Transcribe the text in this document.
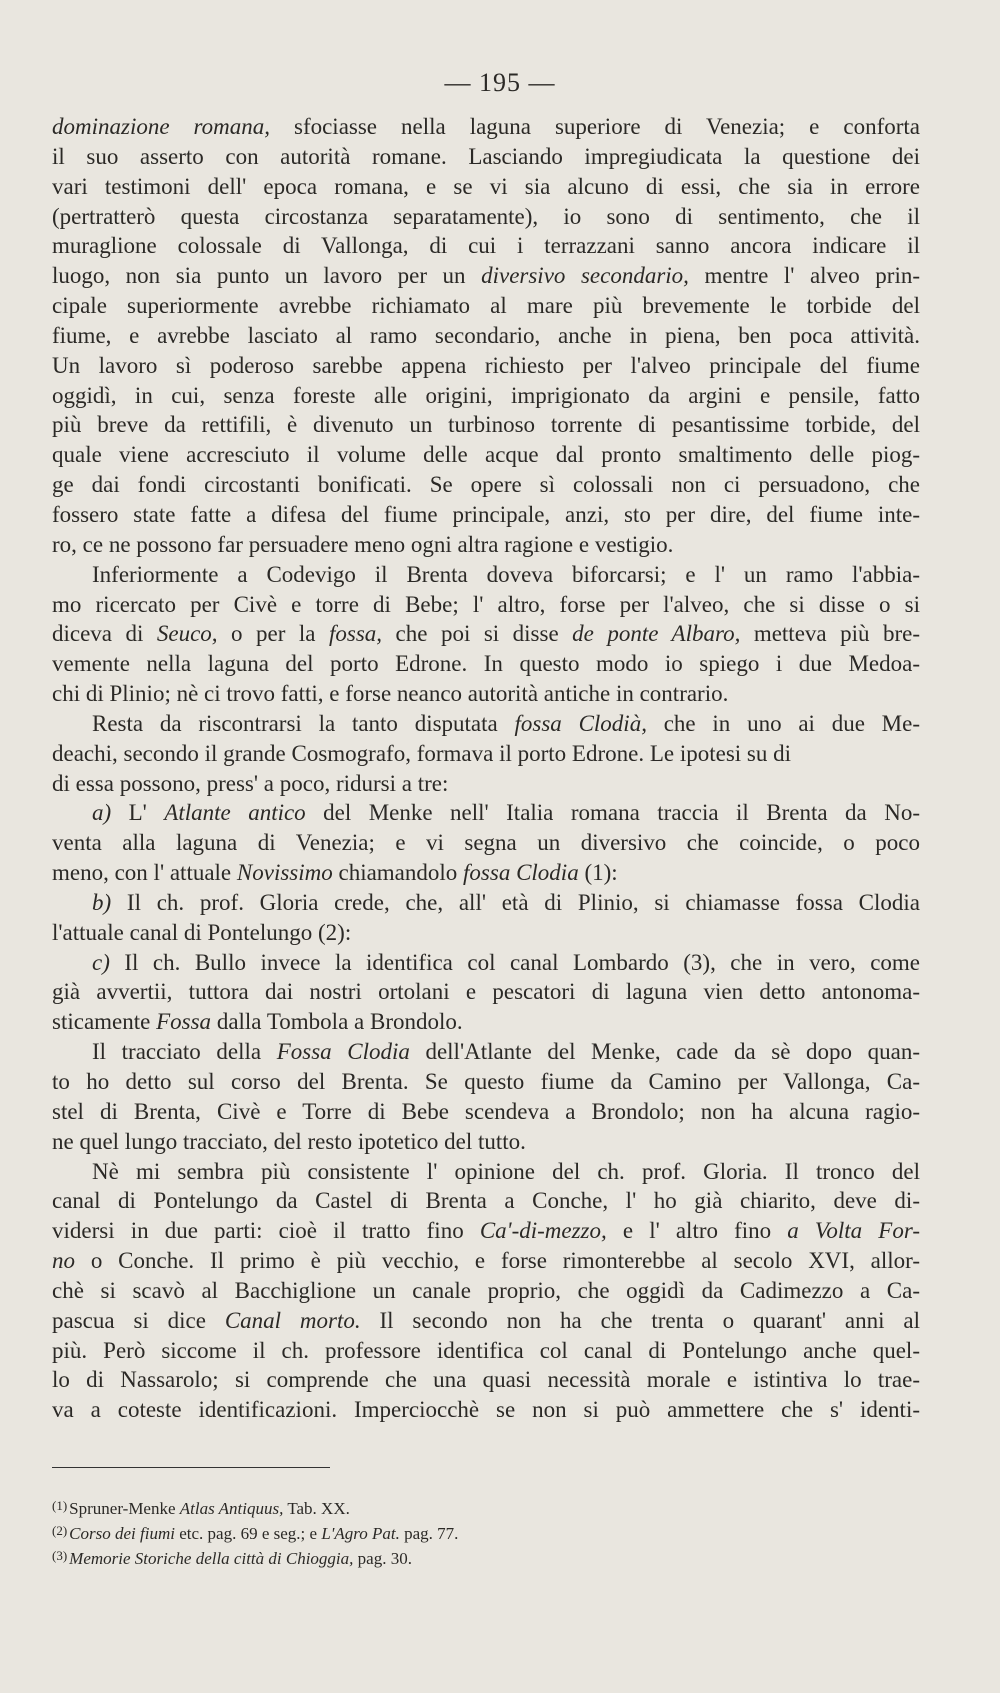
— 195 —
dominazione romana, sfociasse nella laguna superiore di Venezia; e conforta
il suo asserto con autorità romane. Lasciando impregiudicata la questione dei
vari testimoni dell' epoca romana, e se vi sia alcuno di essi, che sia in errore
(pertratterò questa circostanza separatamente), io sono di sentimento, che il
muraglione colossale di Vallonga, di cui i terrazzani sanno ancora indicare il
luogo, non sia punto un lavoro per un diversivo secondario, mentre l' alveo prin-
cipale superiormente avrebbe richiamato al mare più brevemente le torbide del
fiume, e avrebbe lasciato al ramo secondario, anche in piena, ben poca attività.
Un lavoro sì poderoso sarebbe appena richiesto per l'alveo principale del fiume
oggidì, in cui, senza foreste alle origini, imprigionato da argini e pensile, fatto
più breve da rettifili, è divenuto un turbinoso torrente di pesantissime torbide, del
quale viene accresciuto il volume delle acque dal pronto smaltimento delle piog-
ge dai fondi circostanti bonificati. Se opere sì colossali non ci persuadono, che
fossero state fatte a difesa del fiume principale, anzi, sto per dire, del fiume inte-
ro, ce ne possono far persuadere meno ogni altra ragione e vestigio.
Inferiormente a Codevigo il Brenta doveva biforcarsi; e l' un ramo l'abbia-
mo ricercato per Civè e torre di Bebe; l' altro, forse per l'alveo, che si disse o si
diceva di Seuco, o per la fossa, che poi si disse de ponte Albaro, metteva più bre-
vemente nella laguna del porto Edrone. In questo modo io spiego i due Medoa-
chi di Plinio; nè ci trovo fatti, e forse neanco autorità antiche in contrario.
Resta da riscontrarsi la tanto disputata fossa Clodià, che in uno ai due Me-
deachi, secondo il grande Cosmografo, formava il porto Edrone. Le ipotesi su di
di essa possono, press' a poco, ridursi a tre:
a) L' Atlante antico del Menke nell' Italia romana traccia il Brenta da No-
venta alla laguna di Venezia; e vi segna un diversivo che coincide, o poco
meno, con l' attuale Novissimo chiamandolo fossa Clodia (1):
b) Il ch. prof. Gloria crede, che, all' età di Plinio, si chiamasse fossa Clodia
l'attuale canal di Pontelungo (2):
c) Il ch. Bullo invece la identifica col canal Lombardo (3), che in vero, come
già avvertii, tuttora dai nostri ortolani e pescatori di laguna vien detto antonoma-
sticamente Fossa dalla Tombola a Brondolo.
Il tracciato della Fossa Clodia dell'Atlante del Menke, cade da sè dopo quan-
to ho detto sul corso del Brenta. Se questo fiume da Camino per Vallonga, Ca-
stel di Brenta, Civè e Torre di Bebe scendeva a Brondolo; non ha alcuna ragio-
ne quel lungo tracciato, del resto ipotetico del tutto.
Nè mi sembra più consistente l' opinione del ch. prof. Gloria. Il tronco del
canal di Pontelungo da Castel di Brenta a Conche, l' ho già chiarito, deve di-
vidersi in due parti: cioè il tratto fino Ca'-di-mezzo, e l' altro fino a Volta For-
no o Conche. Il primo è più vecchio, e forse rimonterebbe al secolo XVI, allor-
chè si scavò al Bacchiglione un canale proprio, che oggidì da Cadimezzo a Ca-
pascua si dice Canal morto. Il secondo non ha che trenta o quarant' anni al
più. Però siccome il ch. professore identifica col canal di Pontelungo anche quel-
lo di Nassarolo; si comprende che una quasi necessità morale e istintiva lo trae-
va a coteste identificazioni. Imperciocchè se non si può ammettere che s' identi-
$^{(1)}$ Spruner-Menke Atlas Antiquus, Tab. XX.
$^{(2)}$ Corso dei fiumi etc. pag. 69 e seg.; e L'Agro Pat. pag. 77.
$^{(3)}$ Memorie Storiche della città di Chioggia, pag. 30.
